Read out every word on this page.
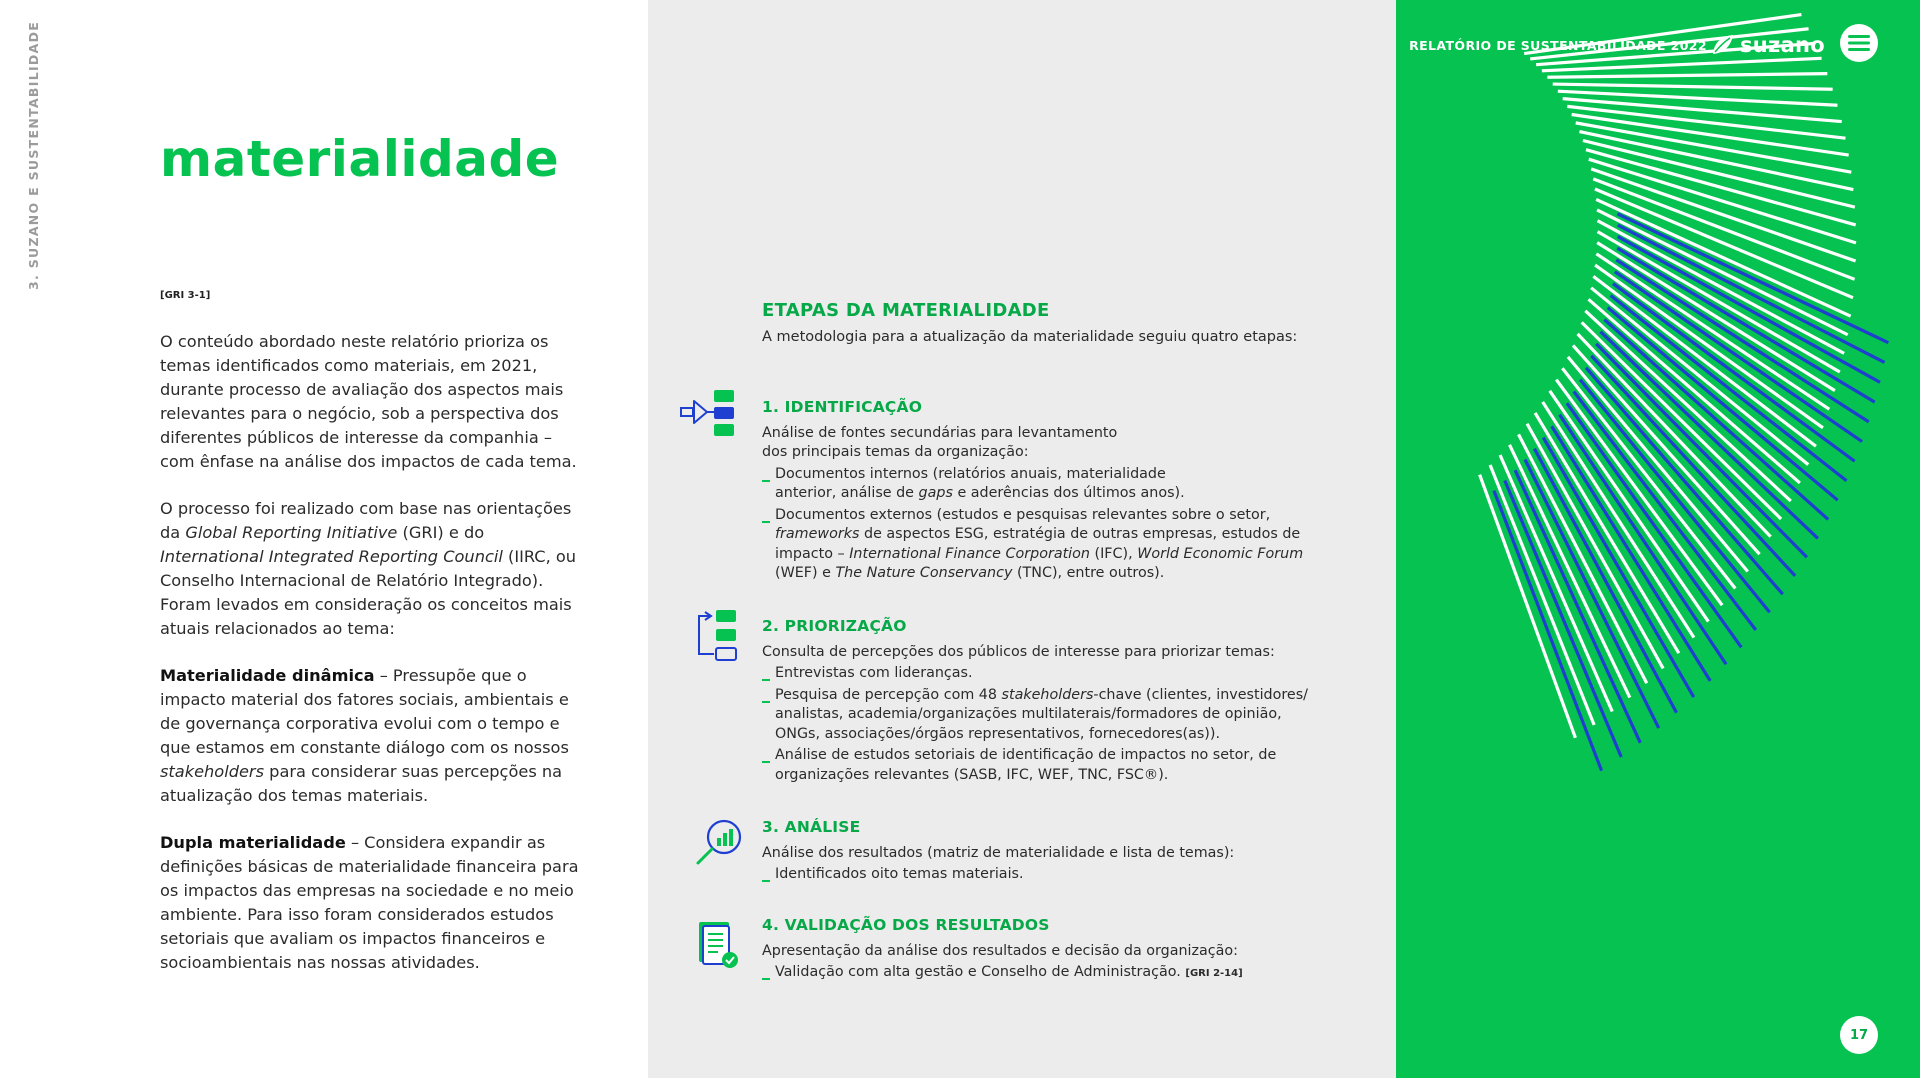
3. SUZANO E SUSTENTABILIDADE materialidade
[GRI 3-1]

O conteúdo abordado neste relatório prioriza os temas identificados como materiais, em 2021, durante processo de avaliação dos aspectos mais relevantes para o negócio, sob a perspectiva dos diferentes públicos de interesse da companhia – com ênfase na análise dos impactos de cada tema.

O processo foi realizado com base nas orientações da Global Reporting Initiative (GRI) e do International Integrated Reporting Council (IIRC, ou Conselho Internacional de Relatório Integrado). Foram levados em consideração os conceitos mais atuais relacionados ao tema:

Materialidade dinâmica – Pressupõe que o impacto material dos fatores sociais, ambientais e de governança corporativa evolui com o tempo e que estamos em constante diálogo com os nossos stakeholders para considerar suas percepções na atualização dos temas materiais.

Dupla materialidade – Considera expandir as definições básicas de materialidade financeira para os impactos das empresas na sociedade e no meio ambiente. Para isso foram considerados estudos setoriais que avaliam os impactos financeiros e socioambientais nas nossas atividades.

ETAPAS DA MATERIALIDADE

A metodologia para a atualização da materialidade seguiu quatro etapas:

1. IDENTIFICAÇÃO
Análise de fontes secundárias para levantamento dos principais temas da organização:
Documentos internos (relatórios anuais, materialidade anterior, análise de gaps e aderências dos últimos anos).
Documentos externos (estudos e pesquisas relevantes sobre o setor, frameworks de aspectos ESG, estratégia de outras empresas, estudos de impacto – International Finance Corporation (IFC), World Economic Forum (WEF) e The Nature Conservancy (TNC), entre outros).
2. PRIORIZAÇÃO
Consulta de percepções dos públicos de interesse para priorizar temas:
Entrevistas com lideranças.
Pesquisa de percepção com 48 stakeholders-chave (clientes, investidores/ analistas, academia/organizações multilaterais/formadores de opinião, ONGs, associações/órgãos representativos, fornecedores(as)).
Análise de estudos setoriais de identificação de impactos no setor, de organizações relevantes (SASB, IFC, WEF, TNC, FSC®).
3. ANÁLISE
Análise dos resultados (matriz de materialidade e lista de temas):
Identificados oito temas materiais.
4. VALIDAÇÃO DOS RESULTADOS
Apresentação da análise dos resultados e decisão da organização:
Validação com alta gestão e Conselho de Administração. [GRI 2-14]
RELATÓRIO DE SUSTENTABILIDADE 2022 suzano
17
